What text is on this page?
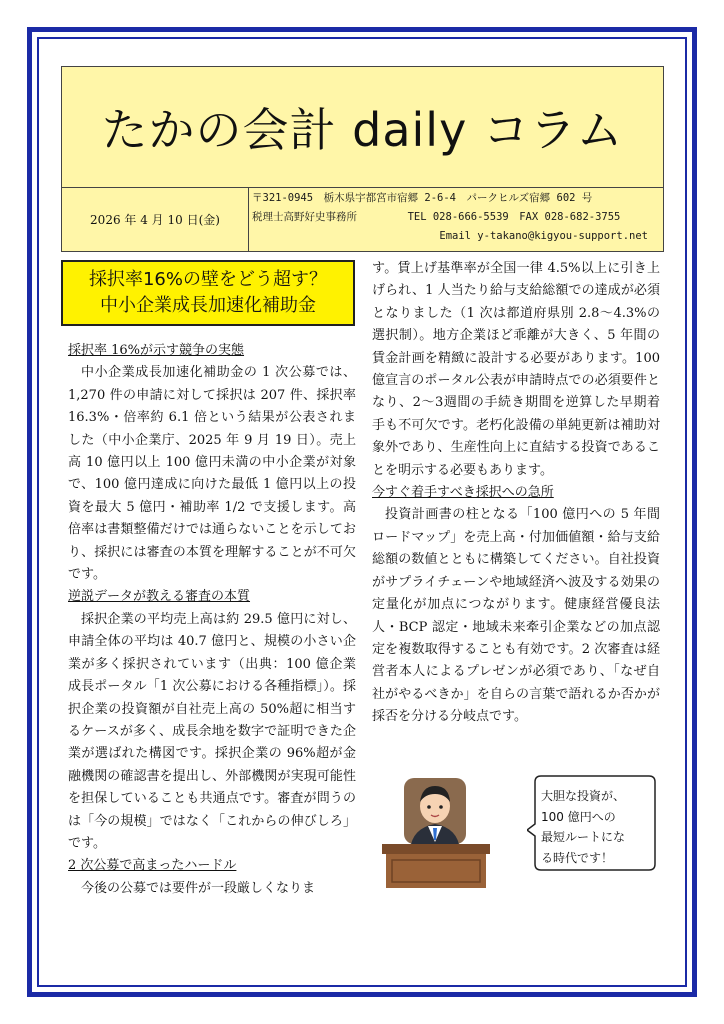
たかの会計 daily コラム
2026 年 4 月 10 日(金)
〒321-0945　栃木県宇都宮市宿郷 2-6-4　パークヒルズ宿郷 602 号
税理士高野好史事務所	TEL 028-666-5539　FAX 028-682-3755
Email y-takano@kigyou-support.net
採択率16%の壁をどう超す？
中小企業成長加速化補助金

採択率 16%が示す競争の実態

中小企業成長加速化補助金の 1 次公募では、1,270 件の申請に対して採択は 207 件、採択率 16.3%・倍率約 6.1 倍という結果が公表されました（中小企業庁、2025 年 9 月 19 日）。売上高 10 億円以上 100 億円未満の中小企業が対象で、100 億円達成に向けた最低 1 億円以上の投資を最大 5 億円・補助率 1/2 で支援します。高倍率は書類整備だけでは通らないことを示しており、採択には審査の本質を理解することが不可欠です。

逆説データが教える審査の本質

採択企業の平均売上高は約 29.5 億円に対し、申請全体の平均は 40.7 億円と、規模の小さい企業が多く採択されています（出典：100 億企業成長ポータル「1 次公募における各種指標」）。採択企業の投資額が自社売上高の 50%超に相当するケースが多く、成長余地を数字で証明できた企業が選ばれた構図です。採択企業の 96%超が金融機関の確認書を提出し、外部機関が実現可能性を担保していることも共通点です。審査が問うのは「今の規模」ではなく「これからの伸びしろ」です。

2 次公募で高まったハードル

今後の公募では要件が一段厳しくなりま

す。賃上げ基準率が全国一律 4.5%以上に引き上げられ、1 人当たり給与支給総額での達成が必須となりました（1 次は都道府県別 2.8〜4.3%の選択制）。地方企業ほど乖離が大きく、5 年間の賃金計画を精緻に設計する必要があります。100 億宣言のポータル公表が申請時点での必須要件となり、2〜3週間の手続き期間を逆算した早期着手も不可欠です。老朽化設備の単純更新は補助対象外であり、生産性向上に直結する投資であることを明示する必要もあります。

今すぐ着手すべき採択への急所

投資計画書の柱となる「100 億円への 5 年間ロードマップ」を売上高・付加価値額・給与支給総額の数値とともに構築してください。自社投資がサプライチェーンや地域経済へ波及する効果の定量化が加点につながります。健康経営優良法人・BCP 認定・地域未来牽引企業などの加点認定を複数取得することも有効です。2 次審査は経営者本人によるプレゼンが必須であり、「なぜ自社がやるべきか」を自らの言葉で語れるか否かが採否を分ける分岐点です。

大胆な投資が、
100 億円への
最短ルートにな
る時代です！
